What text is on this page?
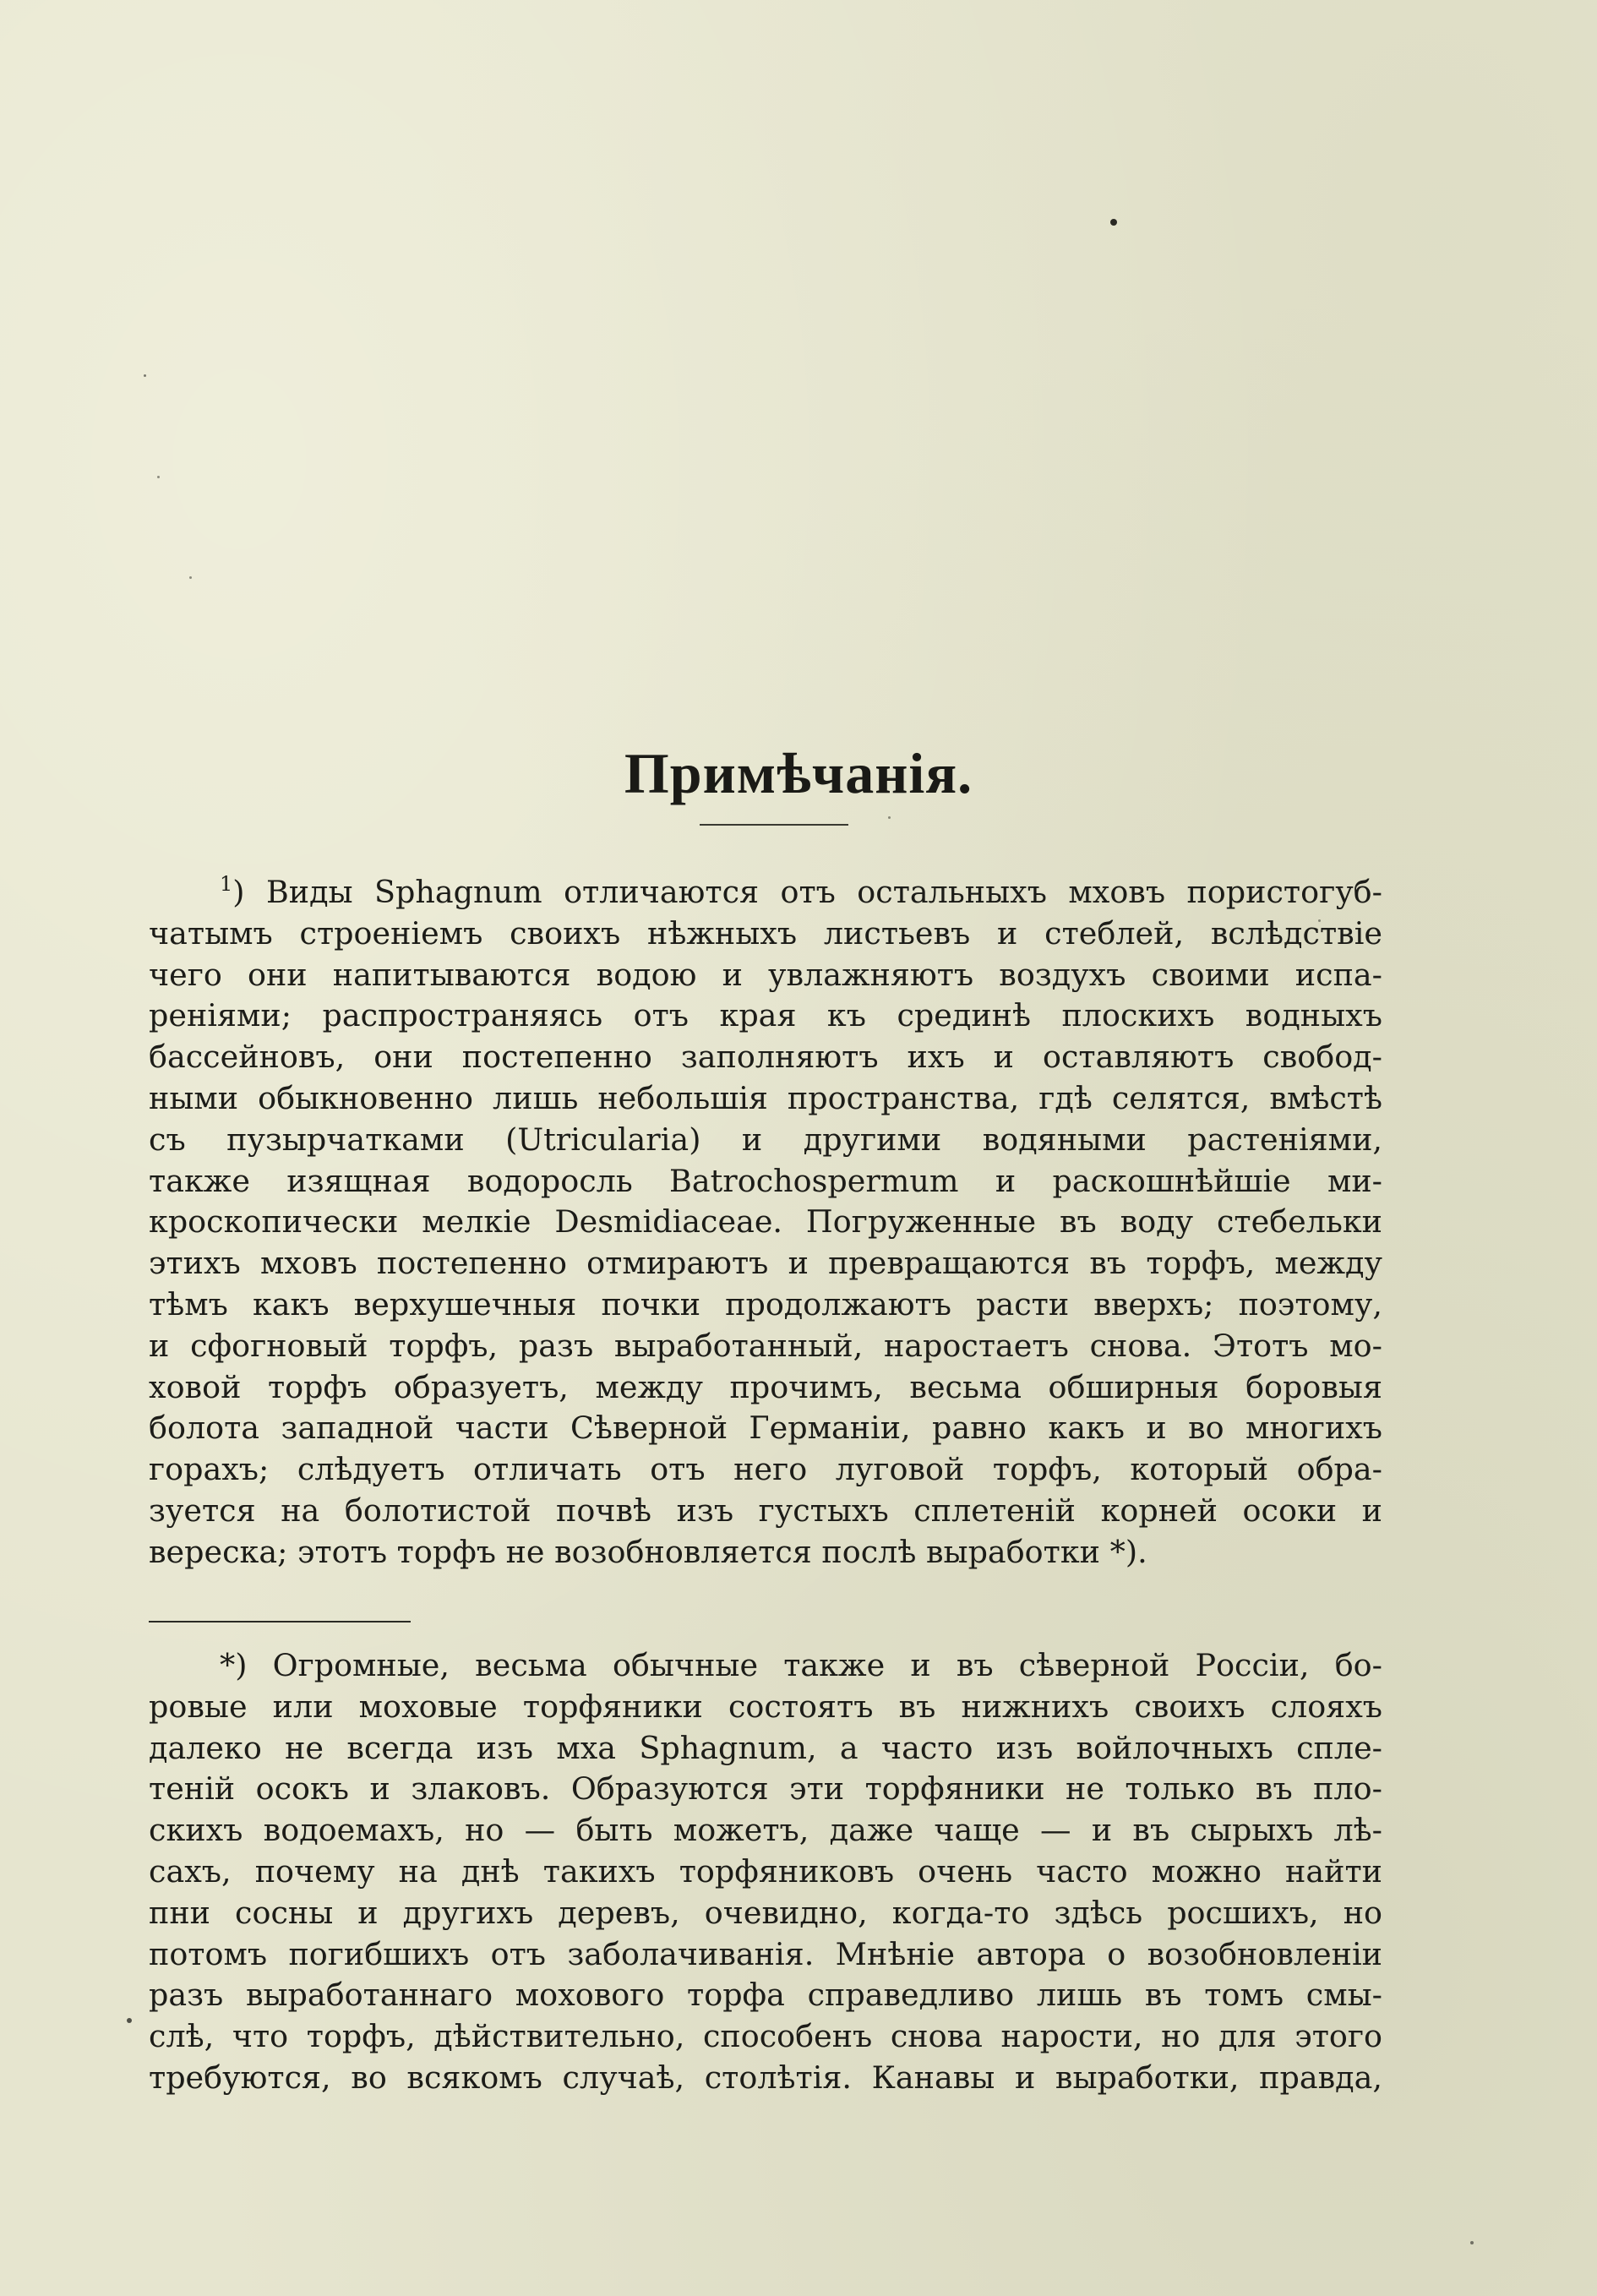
Примѣчанія.
$^1$) Виды Sphagnum отличаются отъ остальныхъ мховъ пористогуб-
чатымъ строеніемъ своихъ нѣжныхъ листьевъ и стеблей, вслѣдствіе
чего они напитываются водою и увлажняютъ воздухъ своими испа-
реніями; распространяясь отъ края къ срединѣ плоскихъ водныхъ
бассейновъ, они постепенно заполняютъ ихъ и оставляютъ свобод-
ными обыкновенно лишь небольшія пространства, гдѣ селятся, вмѣстѣ
съ пузырчатками (Utricularia) и другими водяными растеніями,
также изящная водоросль Batrochospermum и раскошнѣйшіе ми-
кроскопически мелкіе Desmidiaceae. Погруженные въ воду стебельки
этихъ мховъ постепенно отмираютъ и превращаются въ торфъ, между
тѣмъ какъ верхушечныя почки продолжаютъ расти вверхъ; поэтому,
и сфогновый торфъ, разъ выработанный, наростаетъ снова. Этотъ мо-
ховой торфъ образуетъ, между прочимъ, весьма обширныя боровыя
болота западной части Сѣверной Германіи, равно какъ и во многихъ
горахъ; слѣдуетъ отличать отъ него луговой торфъ, который обра-
зуется на болотистой почвѣ изъ густыхъ сплетеній корней осоки и
вереска; этотъ торфъ не возобновляется послѣ выработки *).
*) Огромные, весьма обычные также и въ сѣверной Россіи, бо-
ровые или моховые торфяники состоятъ въ нижнихъ своихъ слояхъ
далеко не всегда изъ мха Sphagnum, а часто изъ войлочныхъ спле-
теній осокъ и злаковъ. Образуются эти торфяники не только въ пло-
скихъ водоемахъ, но — быть можетъ, даже чаще — и въ сырыхъ лѣ-
сахъ, почему на днѣ такихъ торфяниковъ очень часто можно найти
пни сосны и другихъ деревъ, очевидно, когда-то здѣсь росшихъ, но
потомъ погибшихъ отъ заболачиванія. Мнѣніе автора о возобновленіи
разъ выработаннаго мохового торфа справедливо лишь въ томъ смы-
слѣ, что торфъ, дѣйствительно, способенъ снова нарости, но для этого
требуются, во всякомъ случаѣ, столѣтія. Канавы и выработки, правда,
